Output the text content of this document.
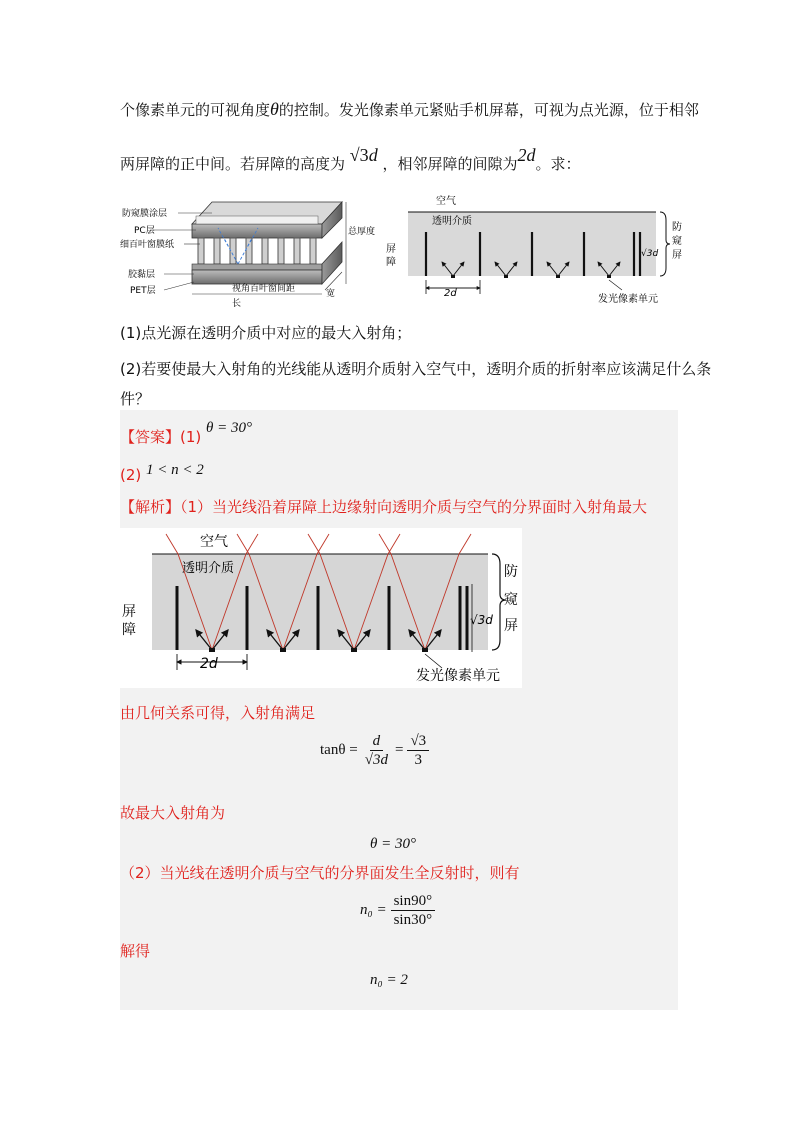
个像素单元的可视角度θ的控制。发光像素单元紧贴手机屏幕，可视为点光源，位于相邻
两屏障的正中间。若屏障的高度为 √3d ，相邻屏障的间隙为2d。求：
防窥膜涂层
PC层
细百叶窗膜纸
胶黏层
PET层
总厚度
宽
视角百叶窗间距
长
空气
透明介质
屏
障
防
窥
屏
√3d
2d
发光像素单元
(1)点光源在透明介质中对应的最大入射角；
(2)若要使最大入射角的光线能从透明介质射入空气中，透明介质的折射率应该满足什么条
件？
【答案】(1) θ = 30°
(2) 1 < n < 2
【解析】（1）当光线沿着屏障上边缘射向透明介质与空气的分界面时入射角最大
空气
透明介质
屏
障
防
窥
屏
√3d
2d
发光像素单元
由几何关系可得，入射角满足
$\tan\theta = \frac{d}{√3d} = \frac{√3}{3}$
故最大入射角为
θ = 30°
（2）当光线在透明介质与空气的分界面发生全反射时，则有
$n_0 = \frac{\sin 90^\circ}{\sin 30^\circ}$
解得
n₀ = 2
